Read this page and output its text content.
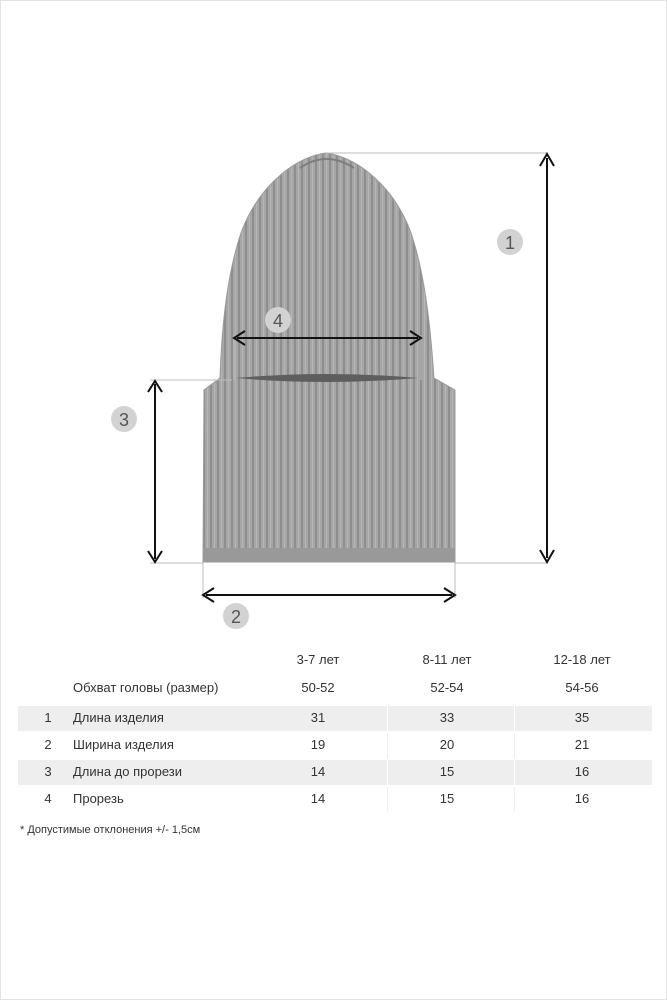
1
2
3
4
3-7 лет	8-11 лет	12-18 лет
Обхват головы (размер)	50-52	52-54	54-56
1 Длина изделия	31	33	35
2 Ширина изделия	19	20	21
3 Длина до прорези	14	15	16
4 Прорезь	14	15	16
* Допустимые отклонения +/- 1,5см
